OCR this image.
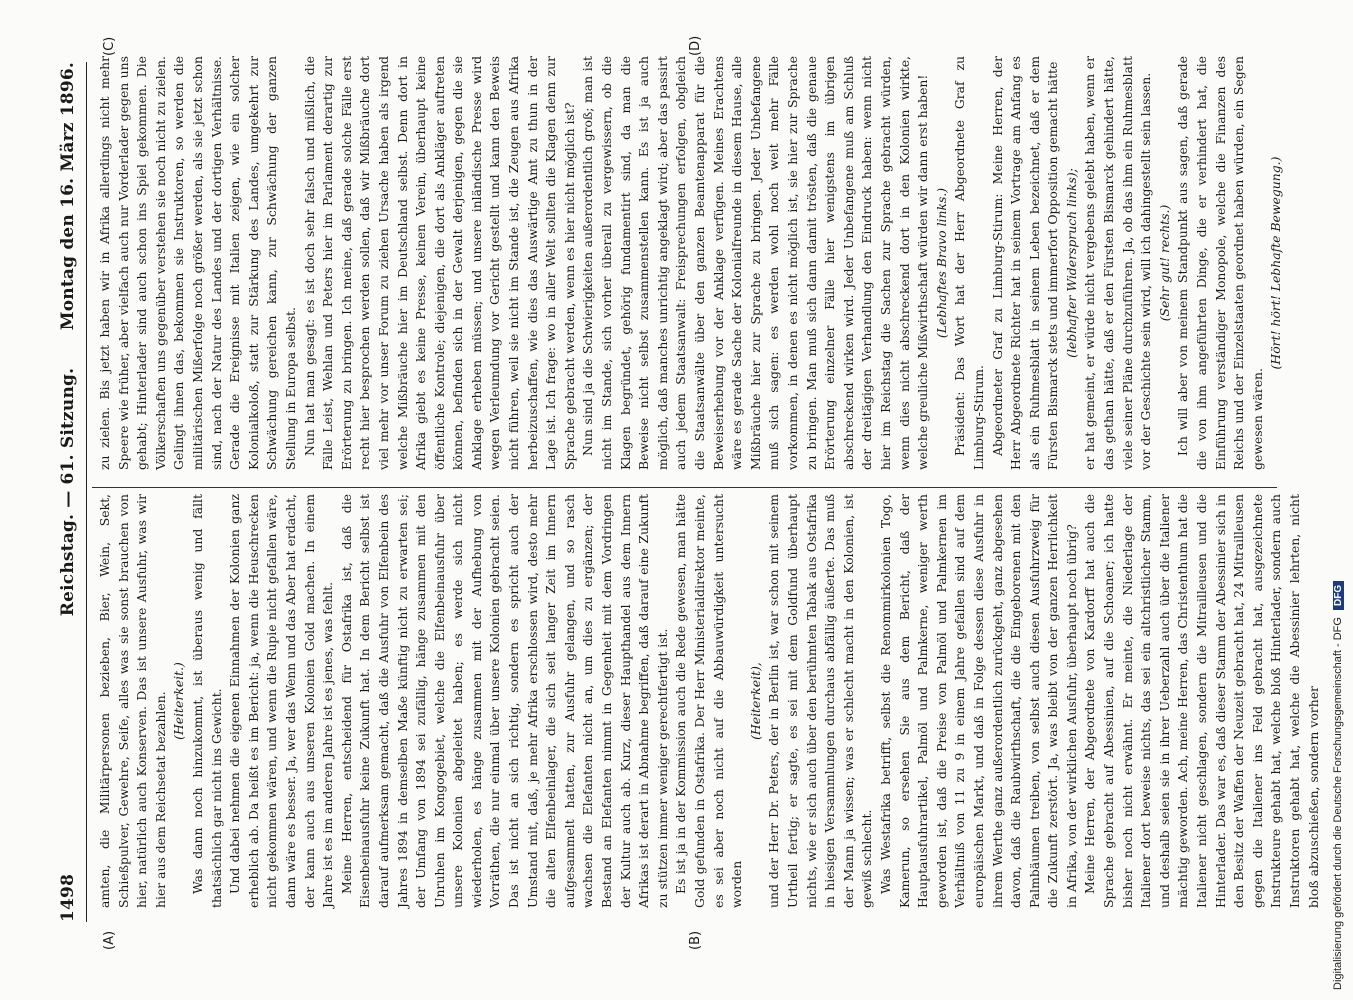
1498
Reichstag. — 61. Sitzung.
Montag den 16. März 1896.
(A)	(B)
(C)	(D)

amten, die Militärpersonen bezieben, Bier, Wein, Sekt, Schießpulver, Gewehre, Seife, alles was sie sonst brauchen von hier, natürlich auch Konserven. Das ist unsere Ausfuhr, was wir hier aus dem Reichsetat bezahlen. (Heiterkeit.) Was dann noch hinzukommt, ist überaus wenig und fällt thatsächlich gar nicht ins Gewicht. Und dabei nehmen die eigenen Einnahmen der Kolonien ganz erheblich ab. Da heißt es im Bericht: ja, wenn die Heuschrecken nicht gekommen wären, und wenn die Rupie nicht gefallen wäre, dann wäre es besser. Ja, wer das Wenn und das Aber hat erdacht, der kann auch aus unseren Kolonien Gold machen. In einem Jahre ist es im anderen Jahre ist es jenes, was fehlt. Meine Herren, entscheidend für Ostafrika ist, daß die Eisenbeinausfuhr keine Zukunft hat. In dem Bericht selbst ist darauf aufmerksam gemacht, daß die Ausfuhr von Elfenbein des Jahres 1894 in demselben Maße künftig nicht zu erwarten sei; der Umfang von 1894 sei zufällig, hänge zusammen mit den Unruhen im Kongogebiet, welche die Elfenbeinausfuhr über unsere Kolonien abgeleitet haben; es werde sich nicht wiederholen, es hänge zusammen mit der Aufhebung von Vorräthen, die nur einmal über unsere Kolonien gebracht seien. Das ist nicht an sich richtig, sondern es spricht auch der Umstand mit, daß, je mehr Afrika erschlossen wird, desto mehr die alten Elfenbeinlager, die sich seit langer Zeit im Innern aufgesammelt hatten, zur Ausfuhr gelangen, und so rasch wachsen die Elefanten nicht an, um dies zu ergänzen; der Bestand an Elefanten nimmt in Gegenheit mit dem Vordringen der Kultur auch ab. Kurz, dieser Haupthandel aus dem Innern Afrikas ist derart in Abnahme begriffen, daß darauf eine Zukunft zu stützen immer weniger gerechtfertigt ist. Es ist ja in der Kommission auch die Rede gewesen, man hätte Gold gefunden in Ostafrika. Der Herr Ministerialdirektor meinte, es sei aber noch nicht auf die Abbauwürdigkeit untersucht worden

(Heiterkeit), und der Herr Dr. Peters, der in Berlin ist, war schon mit seinem Urtheil fertig; er sagte, es sei mit dem Goldfund überhaupt nichts, wie er sich auch über den berühmten Tabak aus Ostafrika in hiesigen Versammlungen durchaus abfällig äußerte. Das muß der Mann ja wissen; was er schlecht macht in den Kolonien, ist gewiß schlecht. Was Westafrika betrifft, selbst die Renommirkolonien Togo, Kamerun, so ersehen Sie aus dem Bericht, daß der Hauptausfuhrartikel, Palmöl und Palmkerne, weniger werth geworden ist, daß die Preise von Palmöl und Palmkernen im Verhältniß von 11 zu 9 in einem Jahre gefallen sind auf dem europäischen Markt, und daß in Folge dessen diese Ausfuhr in ihrem Werthe ganz außerordentlich zurückgeht, ganz abgesehen davon, daß die Raubwirthschaft, die die Eingeborenen mit den Palmbäumen treiben, von selbst auch diesen Ausfuhrzweig für die Zukunft zerstört. Ja, was bleibt von der ganzen Herrlichkeit in Afrika, von der wirklichen Ausfuhr, überhaupt noch übrig? Meine Herren, der Abgeordnete von Kardorff hat auch die Sprache gebracht auf Abessinien, auf die Schoaner; ich hatte bisher noch nicht erwähnt. Er meinte, die Niederlage der Italiener dort beweise nichts, das sei ein altchristlicher Stamm, und deshalb seien sie in ihrer Ueberzahl auch über die Italiener mächtig geworden. Ach, meine Herren, das Christenthum hat die Italiener nicht geschlagen, sondern die Mitrailleusen und die Hinterlader. Das war es, daß dieser Stamm der Abessinier sich in den Besitz der Waffen der Neuzeit gebracht hat, 24 Mitrailleusen gegen die Italiener ins Feld gebracht hat, ausgezeichnete Instrukteure gehabt hat, welche bloß Hinterlader, sondern auch Instruktoren gehabt hat, welche die Abessinier lehrten, nicht bloß abzuschießen, sondern vorher

zu zielen. Bis jetzt haben wir in Afrika allerdings nicht mehr Speere wie früher, aber vielfach auch nur Vorderlader gegen uns gehabt; Hinterlader sind auch schon ins Spiel gekommen. Die Völkerschaften uns gegenüber verstehen sie noch nicht zu zielen. Gelingt ihnen das, bekommen sie Instruktoren, so werden die militärischen Mißerfolge noch größer werden, als sie jetzt schon sind, nach der Natur des Landes und der dortigen Verhältnisse. Gerade die Ereignisse mit Italien zeigen, wie ein solcher Kolonialkoloß, statt zur Stärkung des Landes, umgekehrt zur Schwächung gereichen kann, zur Schwächung der ganzen Stellung in Europa selbst. Nun hat man gesagt: es ist doch sehr falsch und mißlich, die Fälle Leist, Wehlan und Peters hier im Parlament derartig zur Erörterung zu bringen. Ich meine, daß gerade solche Fälle erst recht hier besprochen werden sollen, daß wir Mißbräuche dort viel mehr vor unser Forum zu ziehen Ursache haben als irgend welche Mißbräuche hier im Deutschland selbst. Denn dort in Afrika giebt es keine Presse, keinen Verein, überhaupt keine öffentliche Kontrole; diejenigen, die dort als Ankläger auftreten können, befinden sich in der Gewalt derjenigen, gegen die sie Anklage erheben müssen; und unsere inländische Presse wird wegen Verleumdung vor Gericht gestellt und kann den Beweis nicht führen, weil sie nicht im Stande ist, die Zeugen aus Afrika herbeizuschaffen, wie dies das Auswärtige Amt zu thun in der Lage ist. Ich frage: wo in aller Welt sollten die Klagen denn zur Sprache gebracht werden, wenn es hier nicht möglich ist? Nun sind ja die Schwierigkeiten außerordentlich groß; man ist nicht im Stande, sich vorher überall zu vergewissern, ob die Klagen begründet, gehörig fundamentirt sind, da man die Beweise nicht selbst zusammenstellen kann. Es ist ja auch möglich, daß manches unrichtig angeklagt wird; aber das passirt auch jedem Staatsanwalt: Freisprechungen erfolgen, obgleich die Staatsanwälte über den ganzen Beamtenapparat für die Beweiserhebung vor der Anklage verfügen. Meines Erachtens wäre es gerade Sache der Kolonialfreunde in diesem Hause, alle Mißbräuche hier zur Sprache zu bringen. Jeder Unbefangene muß sich sagen: es werden wohl noch weit mehr Fälle vorkommen, in denen es nicht möglich ist, sie hier zur Sprache zu bringen. Man muß sich dann damit trösten, daß die genaue Erörterung einzelner Fälle hier wenigstens im übrigen abschreckend wirken wird. Jeder Unbefangene muß am Schluß der dreitägigen Verhandlung den Eindruck haben: wenn nicht hier im Reichstag die Sachen zur Sprache gebracht würden, wenn dies nicht abschreckend dort in den Kolonien wirkte, welche greuliche Mißwirthschaft würden wir dann erst haben! (Lebhaftes Bravo links.) Präsident: Das Wort hat der Herr Abgeordnete Graf zu Limburg-Stirum. Abgeordneter Graf zu Limburg-Stirum: Meine Herren, der Herr Abgeordnete Richter hat in seinem Vortrage am Anfang es als ein Ruhmesblatt in seinem Leben bezeichnet, daß er dem Fürsten Bismarck stets und immerfort Opposition gemacht hätte (lebhafter Widerspruch links); er hat gemeint, er würde nicht vergebens gelebt haben, wenn er das gethan hätte, daß er den Fürsten Bismarck gehindert hätte, viele seiner Pläne durchzuführen. Ja, ob das ihm ein Ruhmesblatt vor der Geschichte sein wird, will ich dahingestellt sein lassen. (Sehr gut! rechts.) Ich will aber von meinem Standpunkt aus sagen, daß gerade die von ihm angeführten Dinge, die er verhindert hat, die Einführung verständiger Monopole, welche die Finanzen des Reichs und der Einzelstaaten geordnet haben würden, ein Segen gewesen wären.

(Hört! hört! Lebhafte Bewegung.)

Digitalisierung gefördert durch die Deutsche Forschungsgemeinschaft - DFG DFG
